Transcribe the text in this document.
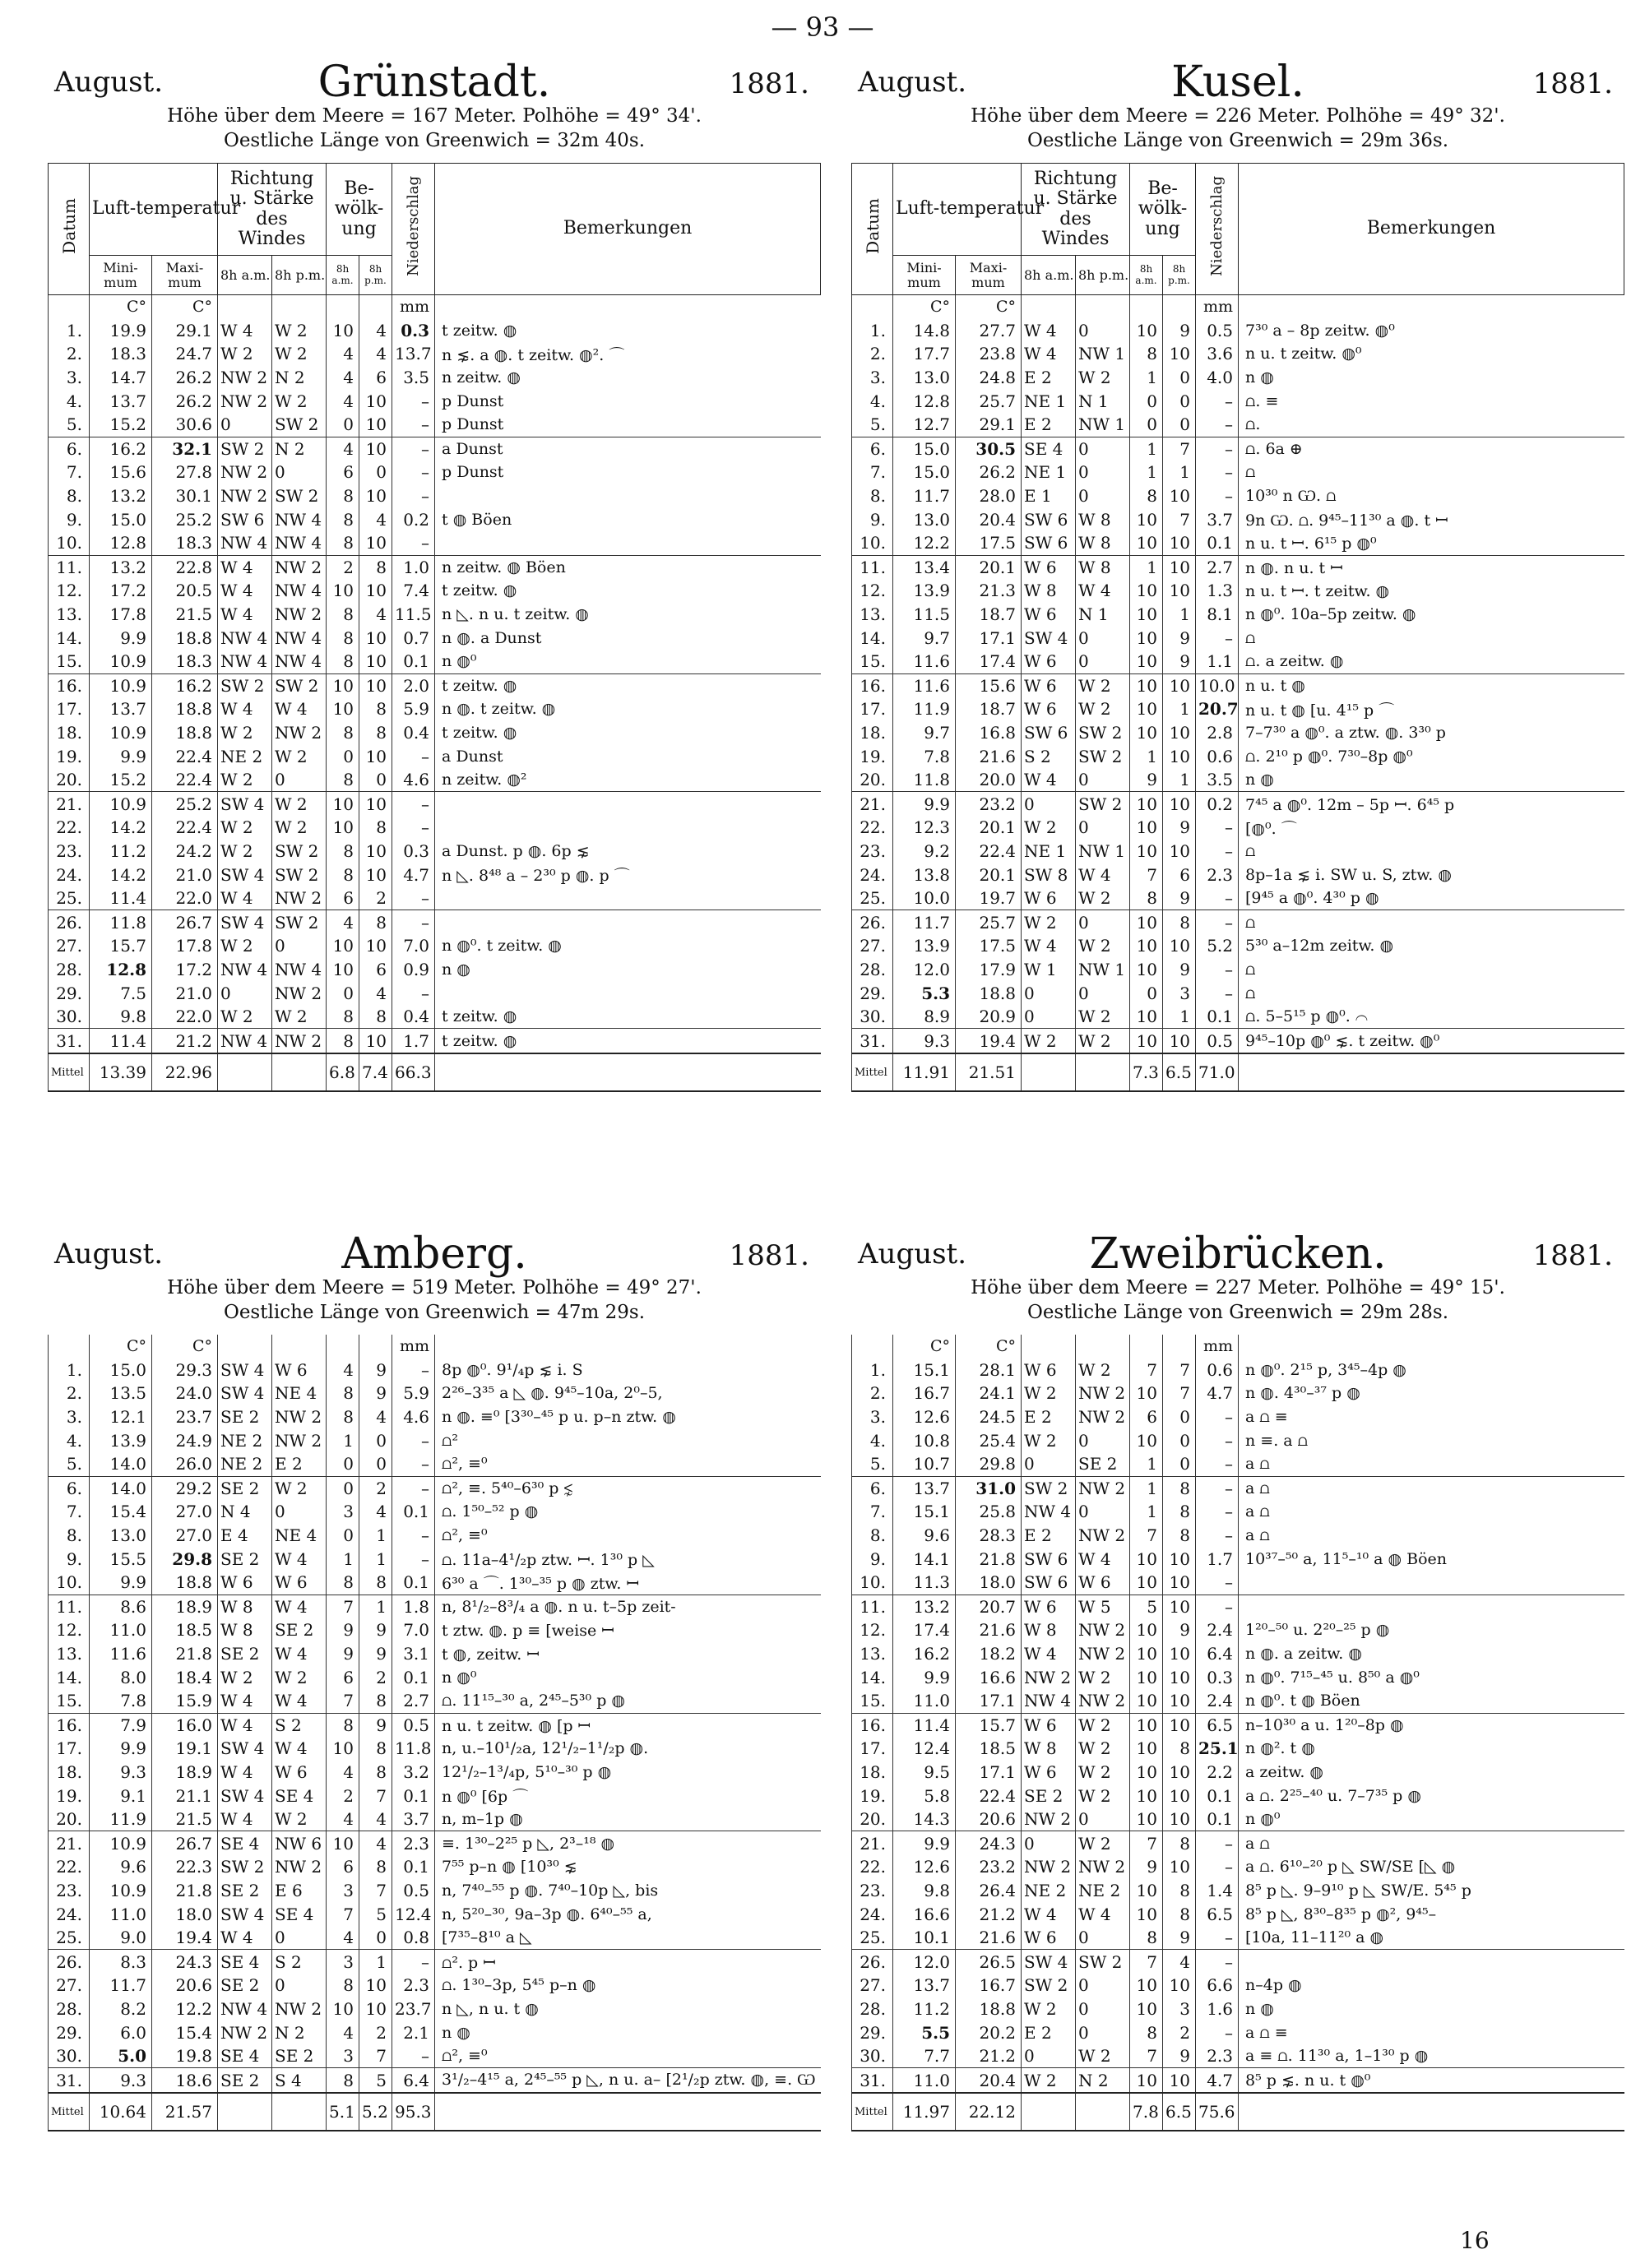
— 93 —
August.	Grünstadt.	1881.
Höhe über dem Meere = 167 Meter. Polhöhe = 49° 34'.
Oestliche Länge von Greenwich = 32m 40s.
Datum	Luft-temperatur		Richtung u. Stärke des Windes		Be-wölk-ung		Niederschlag	Bemerkungen
	Mini-mum	Maxi-mum	8h a.m.	8h p.m.	8h a.m.	8h p.m.		
	C°	C°					mm	
1.	19.9	29.1	W 4	W 2	10	4	0.3	t zeitw. ◍
2.	18.3	24.7	W 2	W 2	4	4	13.7	n ⋦. a ◍. t zeitw. ◍². ⌒
3.	14.7	26.2	NW 2	N 2	4	6	3.5	n zeitw. ◍
4.	13.7	26.2	NW 2	W 2	4	10	–	p Dunst
5.	15.2	30.6	0	SW 2	0	10	–	p Dunst
6.	16.2	32.1	SW 2	N 2	4	10	–	a Dunst
7.	15.6	27.8	NW 2	0	6	0	–	p Dunst
8.	13.2	30.1	NW 2	SW 2	8	10	–	
9.	15.0	25.2	SW 6	NW 4	8	4	0.2	t ◍ Böen
10.	12.8	18.3	NW 4	NW 4	8	10	–	
11.	13.2	22.8	W 4	NW 2	2	8	1.0	n zeitw. ◍ Böen
12.	17.2	20.5	W 4	NW 4	10	10	7.4	t zeitw. ◍
13.	17.8	21.5	W 4	NW 2	8	4	11.5	n ◺. n u. t zeitw. ◍
14.	9.9	18.8	NW 4	NW 4	8	10	0.7	n ◍. a Dunst
15.	10.9	18.3	NW 4	NW 4	8	10	0.1	n ◍⁰
16.	10.9	16.2	SW 2	SW 2	10	10	2.0	t zeitw. ◍
17.	13.7	18.8	W 4	W 4	10	8	5.9	n ◍. t zeitw. ◍
18.	10.9	18.8	W 2	NW 2	8	8	0.4	t zeitw. ◍
19.	9.9	22.4	NE 2	W 2	0	10	–	a Dunst
20.	15.2	22.4	W 2	0	8	0	4.6	n zeitw. ◍²
21.	10.9	25.2	SW 4	W 2	10	10	–	
22.	14.2	22.4	W 2	W 2	10	8	–	
23.	11.2	24.2	W 2	SW 2	8	10	0.3	a Dunst. p ◍. 6p ⋦
24.	14.2	21.0	SW 4	SW 2	8	10	4.7	n ◺. 8⁴⁸ a – 2³⁰ p ◍. p ⌒
25.	11.4	22.0	W 4	NW 2	6	2	–	
26.	11.8	26.7	SW 4	SW 2	4	8	–	
27.	15.7	17.8	W 2	0	10	10	7.0	n ◍⁰. t zeitw. ◍
28.	12.8	17.2	NW 4	NW 4	10	6	0.9	n ◍
29.	7.5	21.0	0	NW 2	0	4	–	
30.	9.8	22.0	W 2	W 2	8	8	0.4	t zeitw. ◍
31.	11.4	21.2	NW 4	NW 2	8	10	1.7	t zeitw. ◍
Mittel	13.39	22.96			6.8	7.4	66.3	
August.	Kusel.	1881.
Höhe über dem Meere = 226 Meter. Polhöhe = 49° 32'.
Oestliche Länge von Greenwich = 29m 36s.
Datum	Luft-temperatur		Richtung u. Stärke des Windes		Be-wölk-ung		Niederschlag	Bemerkungen
	Mini-mum	Maxi-mum	8h a.m.	8h p.m.	8h a.m.	8h p.m.		
	C°	C°					mm	
1.	14.8	27.7	W 4	0	10	9	0.5	7³⁰ a – 8p zeitw. ◍⁰
2.	17.7	23.8	W 4	NW 1	8	10	3.6	n u. t zeitw. ◍⁰
3.	13.0	24.8	E 2	W 2	1	0	4.0	n ◍
4.	12.8	25.7	NE 1	N 1	0	0	–	⩍. ≡
5.	12.7	29.1	E 2	NW 1	0	0	–	⩍.
6.	15.0	30.5	SE 4	0	1	7	–	⩍. 6a ⊕
7.	15.0	26.2	NE 1	0	1	1	–	⩍
8.	11.7	28.0	E 1	0	8	10	–	10³⁰ n Ѡ. ⩍
9.	13.0	20.4	SW 6	W 8	10	7	3.7	9n Ѡ. ⩍. 9⁴⁵–11³⁰ a ◍. t ꟷ
10.	12.2	17.5	SW 6	W 8	10	10	0.1	n u. t ꟷ. 6¹⁵ p ◍⁰
11.	13.4	20.1	W 6	W 8	1	10	2.7	n ◍. n u. t ꟷ
12.	13.9	21.3	W 8	W 4	10	10	1.3	n u. t ꟷ. t zeitw. ◍
13.	11.5	18.7	W 6	N 1	10	1	8.1	n ◍⁰. 10a–5p zeitw. ◍
14.	9.7	17.1	SW 4	0	10	9	–	⩍
15.	11.6	17.4	W 6	0	10	9	1.1	⩍. a zeitw. ◍
16.	11.6	15.6	W 6	W 2	10	10	10.0	n u. t ◍
17.	11.9	18.7	W 6	W 2	10	1	20.7	n u. t ◍ [u. 4¹⁵ p ⌒
18.	9.7	16.8	SW 6	SW 2	10	10	2.8	7–7³⁰ a ◍⁰. a ztw. ◍. 3³⁰ p
19.	7.8	21.6	S 2	SW 2	1	10	0.6	⩍. 2¹⁰ p ◍⁰. 7³⁰–8p ◍⁰
20.	11.8	20.0	W 4	0	9	1	3.5	n ◍
21.	9.9	23.2	0	SW 2	10	10	0.2	7⁴⁵ a ◍⁰. 12m – 5p ꟷ. 6⁴⁵ p
22.	12.3	20.1	W 2	0	10	9	–	[◍⁰. ⌒
23.	9.2	22.4	NE 1	NW 1	10	10	–	⩍
24.	13.8	20.1	SW 8	W 4	7	6	2.3	8p–1a ⋦ i. SW u. S, ztw. ◍
25.	10.0	19.7	W 6	W 2	8	9	–	[9⁴⁵ a ◍⁰. 4³⁰ p ◍
26.	11.7	25.7	W 2	0	10	8	–	⩍
27.	13.9	17.5	W 4	W 2	10	10	5.2	5³⁰ a–12m zeitw. ◍
28.	12.0	17.9	W 1	NW 1	10	9	–	⩍
29.	5.3	18.8	0	0	0	3	–	⩍
30.	8.9	20.9	0	W 2	10	1	0.1	⩍. 5–5¹⁵ p ◍⁰. ⌒
31.	9.3	19.4	W 2	W 2	10	10	0.5	9⁴⁵–10p ◍⁰ ⋦. t zeitw. ◍⁰
Mittel	11.91	21.51			7.3	6.5	71.0	
August.	Amberg.	1881.
Höhe über dem Meere = 519 Meter. Polhöhe = 49° 27'.
Oestliche Länge von Greenwich = 47m 29s.
	C°	C°					mm	
1.	15.0	29.3	SW 4	W 6	4	9	–	8p ◍⁰. 9¹/₄p ⋦ i. S
2.	13.5	24.0	SW 4	NE 4	8	9	5.9	2²⁶–3³⁵ a ◺ ◍. 9⁴⁵–10a, 2⁰–5,
3.	12.1	23.7	SE 2	NW 2	8	4	4.6	n ◍. ≡⁰ [3³⁰–⁴⁵ p u. p–n ztw. ◍
4.	13.9	24.9	NE 2	NW 2	1	0	–	⩍²
5.	14.0	26.0	NE 2	E 2	0	0	–	⩍², ≡⁰
6.	14.0	29.2	SE 2	W 2	0	2	–	⩍², ≡. 5⁴⁰–6³⁰ p ⋦
7.	15.4	27.0	N 4	0	3	4	0.1	⩍. 1⁵⁰–⁵² p ◍
8.	13.0	27.0	E 4	NE 4	0	1	–	⩍², ≡⁰
9.	15.5	29.8	SE 2	W 4	1	1	–	⩍. 11a–4¹/₂p ztw. ꟷ. 1³⁰ p ◺
10.	9.9	18.8	W 6	W 6	8	8	0.1	6³⁰ a ⌒. 1³⁰–³⁵ p ◍ ztw. ꟷ
11.	8.6	18.9	W 8	W 4	7	1	1.8	n, 8¹/₂–8³/₄ a ◍. n u. t–5p zeit-
12.	11.0	18.5	W 8	SE 2	9	9	7.0	t ztw. ◍. p ≡ [weise ꟷ
13.	11.6	21.8	SE 2	W 4	9	9	3.1	t ◍, zeitw. ꟷ
14.	8.0	18.4	W 2	W 2	6	2	0.1	n ◍⁰
15.	7.8	15.9	W 4	W 4	7	8	2.7	⩍. 11¹⁵–³⁰ a, 2⁴⁵–5³⁰ p ◍
16.	7.9	16.0	W 4	S 2	8	9	0.5	n u. t zeitw. ◍ [p ꟷ
17.	9.9	19.1	SW 4	W 4	10	8	11.8	n, u.–10¹/₂a, 12¹/₂–1¹/₂p ◍.
18.	9.3	18.9	W 4	W 6	4	8	3.2	12¹/₂–1³/₄p, 5¹⁰–³⁰ p ◍
19.	9.1	21.1	SW 4	SE 4	2	7	0.1	n ◍⁰ [6p ⌒
20.	11.9	21.5	W 4	W 2	4	4	3.7	n, m–1p ◍
21.	10.9	26.7	SE 4	NW 6	10	4	2.3	≡. 1³⁰–2²⁵ p ◺, 2³–¹⁸ ◍
22.	9.6	22.3	SW 2	NW 2	6	8	0.1	7⁵⁵ p–n ◍ [10³⁰ ⋦
23.	10.9	21.8	SE 2	E 6	3	7	0.5	n, 7⁴⁰–⁵⁵ p ◍. 7⁴⁰–10p ◺, bis
24.	11.0	18.0	SW 4	SE 4	7	5	12.4	n, 5²⁰–³⁰, 9a–3p ◍. 6⁴⁰–⁵⁵ a,
25.	9.0	19.4	W 4	0	4	0	0.8	[7³⁵–8¹⁰ a ◺
26.	8.3	24.3	SE 4	S 2	3	1	–	⩍². p ꟷ
27.	11.7	20.6	SE 2	0	8	10	2.3	⩍. 1³⁰–3p, 5⁴⁵ p–n ◍
28.	8.2	12.2	NW 4	NW 2	10	10	23.7	n ◺, n u. t ◍
29.	6.0	15.4	NW 2	N 2	4	2	2.1	n ◍
30.	5.0	19.8	SE 4	SE 2	3	7	–	⩍², ≡⁰
31.	9.3	18.6	SE 2	S 4	8	5	6.4	3¹/₂–4¹⁵ a, 2⁴⁵–⁵⁵ p ◺, n u. a– [2¹/₂p ztw. ◍, ≡. Ѡ
Mittel	10.64	21.57			5.1	5.2	95.3	
August.	Zweibrücken.	1881.
Höhe über dem Meere = 227 Meter. Polhöhe = 49° 15'.
Oestliche Länge von Greenwich = 29m 28s.
	C°	C°					mm	
1.	15.1	28.1	W 6	W 2	7	7	0.6	n ◍⁰. 2¹⁵ p, 3⁴⁵–4p ◍
2.	16.7	24.1	W 2	NW 2	10	7	4.7	n ◍. 4³⁰–³⁷ p ◍
3.	12.6	24.5	E 2	NW 2	6	0	–	a ⩍ ≡
4.	10.8	25.4	W 2	0	10	0	–	n ≡. a ⩍
5.	10.7	29.8	0	SE 2	1	0	–	a ⩍
6.	13.7	31.0	SW 2	NW 2	1	8	–	a ⩍
7.	15.1	25.8	NW 4	0	1	8	–	a ⩍
8.	9.6	28.3	E 2	NW 2	7	8	–	a ⩍
9.	14.1	21.8	SW 6	W 4	10	10	1.7	10³⁷–⁵⁰ a, 11⁵–¹⁰ a ◍ Böen
10.	11.3	18.0	SW 6	W 6	10	10	–	
11.	13.2	20.7	W 6	W 5	5	10	–	
12.	17.4	21.6	W 8	NW 2	10	9	2.4	1²⁰–⁵⁰ u. 2²⁰–²⁵ p ◍
13.	16.2	18.2	W 4	NW 2	10	10	6.4	n ◍. a zeitw. ◍
14.	9.9	16.6	NW 2	W 2	10	10	0.3	n ◍⁰. 7¹⁵–⁴⁵ u. 8⁵⁰ a ◍⁰
15.	11.0	17.1	NW 4	NW 2	10	10	2.4	n ◍⁰. t ◍ Böen
16.	11.4	15.7	W 6	W 2	10	10	6.5	n–10³⁰ a u. 1²⁰–8p ◍
17.	12.4	18.5	W 8	W 2	10	8	25.1	n ◍². t ◍
18.	9.5	17.1	W 6	W 2	10	10	2.2	a zeitw. ◍
19.	5.8	22.4	SE 2	W 2	10	10	0.1	a ⩍. 2²⁵–⁴⁰ u. 7–7³⁵ p ◍
20.	14.3	20.6	NW 2	0	10	10	0.1	n ◍⁰
21.	9.9	24.3	0	W 2	7	8	–	a ⩍
22.	12.6	23.2	NW 2	NW 2	9	10	–	a ⩍. 6¹⁰–²⁰ p ◺ SW/SE [◺ ◍
23.	9.8	26.4	NE 2	NE 2	10	8	1.4	8⁵ p ◺. 9–9¹⁰ p ◺ SW/E. 5⁴⁵ p
24.	16.6	21.2	W 4	W 4	10	8	6.5	8⁵ p ◺, 8³⁰–8³⁵ p ◍², 9⁴⁵–
25.	10.1	21.6	W 6	0	8	9	–	[10a, 11–11²⁰ a ◍
26.	12.0	26.5	SW 4	SW 2	7	4	–	
27.	13.7	16.7	SW 2	0	10	10	6.6	n–4p ◍
28.	11.2	18.8	W 2	0	10	3	1.6	n ◍
29.	5.5	20.2	E 2	0	8	2	–	a ⩍ ≡
30.	7.7	21.2	0	W 2	7	9	2.3	a ≡ ⩍. 11³⁰ a, 1–1³⁰ p ◍
31.	11.0	20.4	W 2	N 2	10	10	4.7	8⁵ p ⋦. n u. t ◍⁰
Mittel	11.97	22.12			7.8	6.5	75.6	
16
